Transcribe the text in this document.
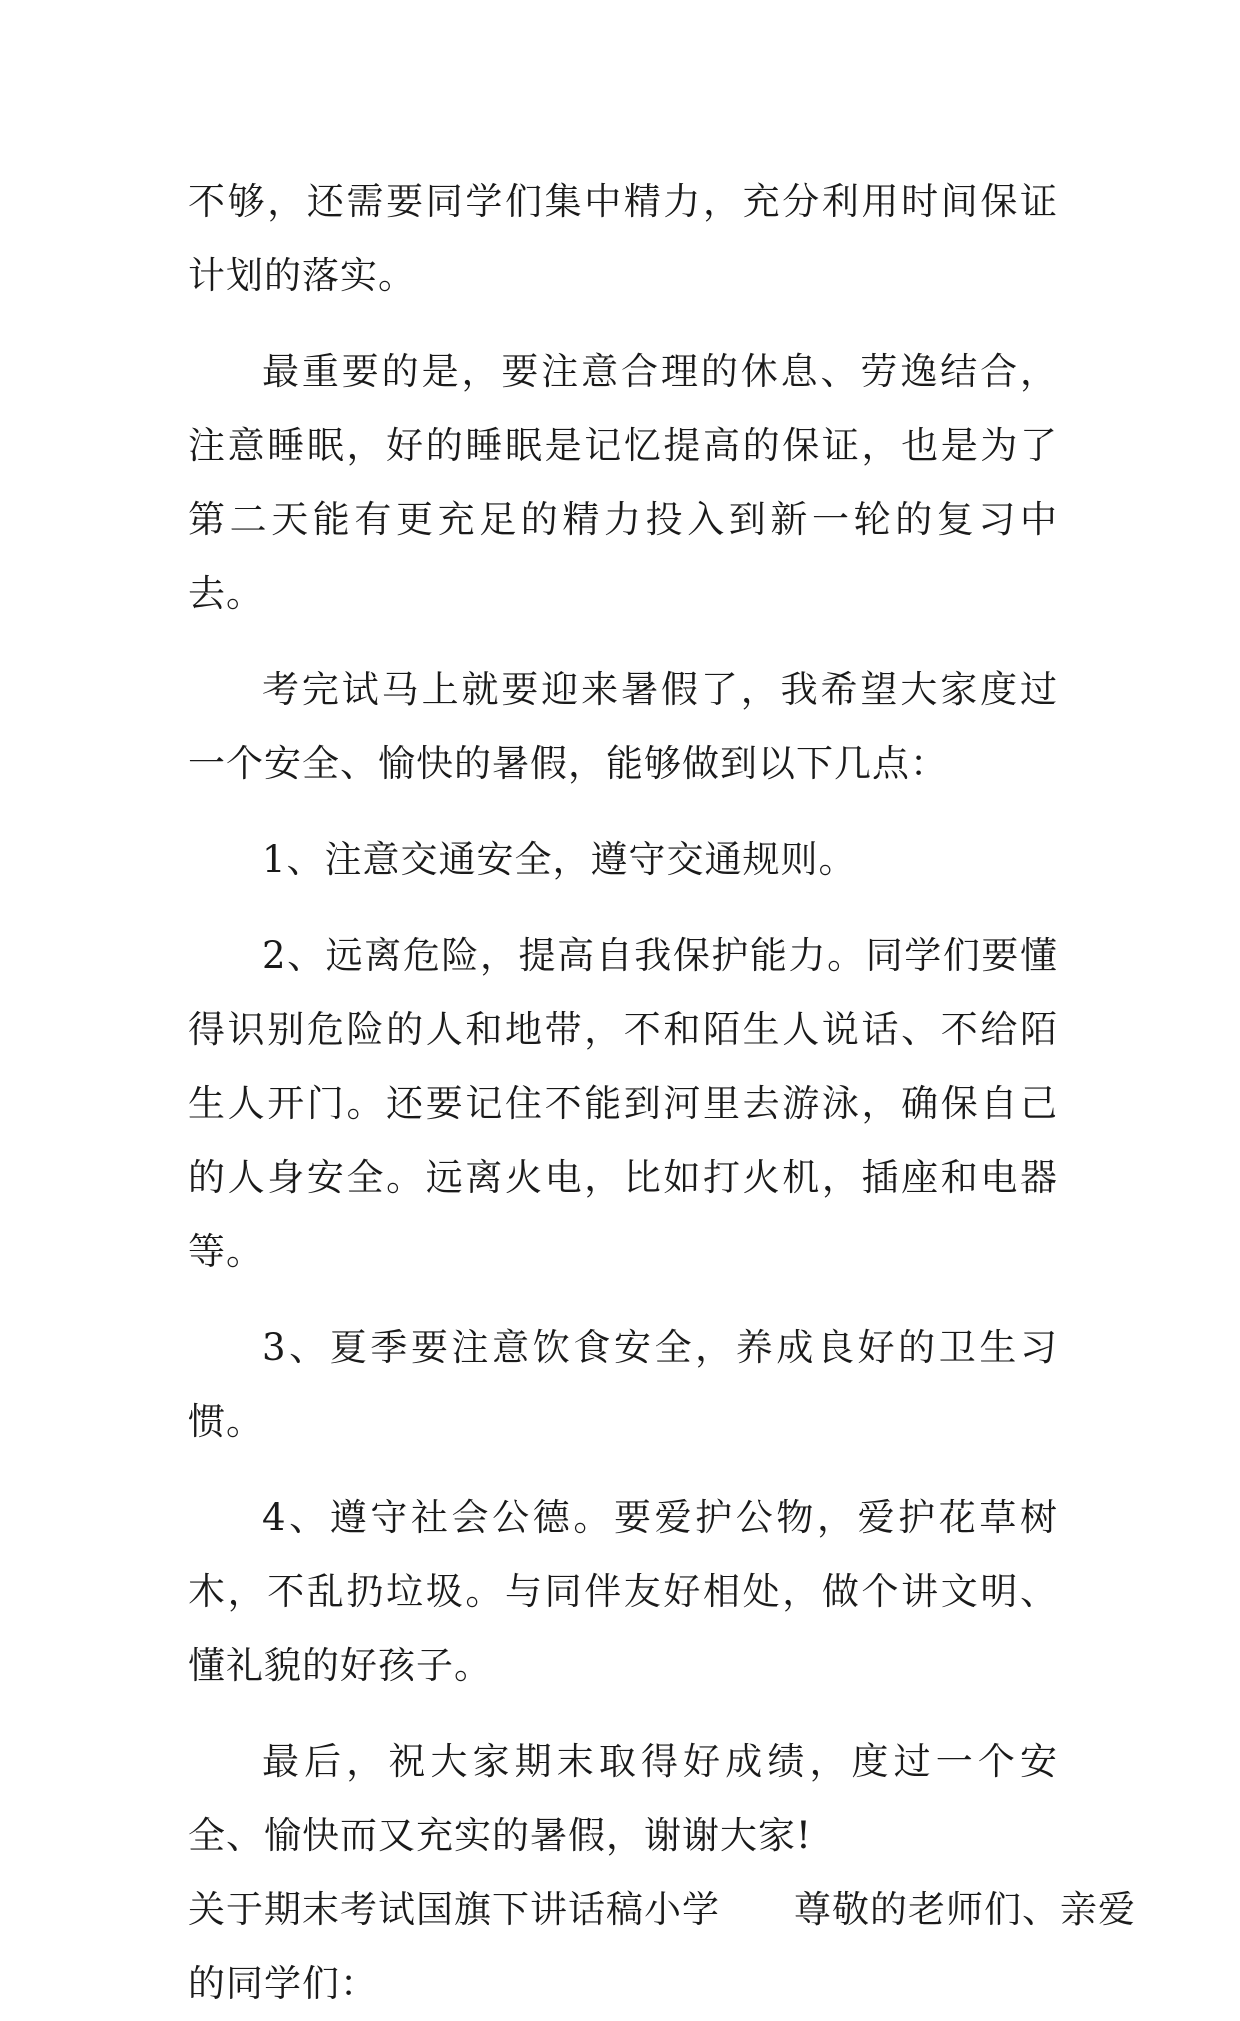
不够，还需要同学们集中精力，充分利用时间保证计划的落实。

最重要的是，要注意合理的休息、劳逸结合，注意睡眠，好的睡眠是记忆提高的保证，也是为了第二天能有更充足的精力投入到新一轮的复习中去。

考完试马上就要迎来暑假了，我希望大家度过一个安全、愉快的暑假，能够做到以下几点：

1、注意交通安全，遵守交通规则。

2、远离危险，提高自我保护能力。同学们要懂得识别危险的人和地带，不和陌生人说话、不给陌生人开门。还要记住不能到河里去游泳，确保自己的人身安全。远离火电，比如打火机，插座和电器等。

3、夏季要注意饮食安全，养成良好的卫生习惯。

4、遵守社会公德。要爱护公物，爱护花草树木，不乱扔垃圾。与同伴友好相处，做个讲文明、懂礼貌的好孩子。

最后，祝大家期末取得好成绩，度过一个安全、愉快而又充实的暑假，谢谢大家!

关于期末考试国旗下讲话稿小学 尊敬的老师们、亲爱

的同学们：
